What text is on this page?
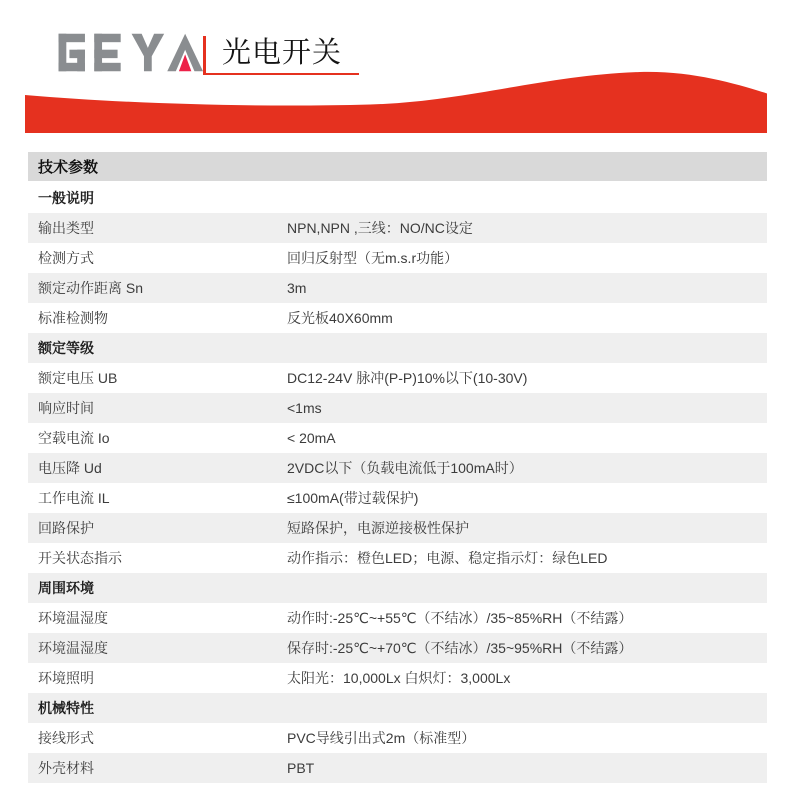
光电开关
技术参数
一般说明
输出类型	NPN,NPN ,三线：NO/NC设定
检测方式	回归反射型（无m.s.r功能）
额定动作距离 Sn	3m
标准检测物	反光板40X60mm
额定等级
额定电压 UB	DC12-24V 脉冲(P-P)10%以下(10-30V)
响应时间	<1ms
空载电流 Io	< 20mA
电压降 Ud	2VDC以下（负载电流低于100mA时）
工作电流 IL	≤100mA(带过载保护)
回路保护	短路保护，电源逆接极性保护
开关状态指示	动作指示：橙色LED；电源、稳定指示灯：绿色LED
周围环境
环境温湿度	动作时:-25℃~+55℃（不结冰）/35~85%RH（不结露）
环境温湿度	保存时:-25℃~+70℃（不结冰）/35~95%RH（不结露）
环境照明	太阳光：10,000Lx 白炽灯：3,000Lx
机械特性
接线形式	PVC导线引出式2m（标准型）
外壳材料	PBT
